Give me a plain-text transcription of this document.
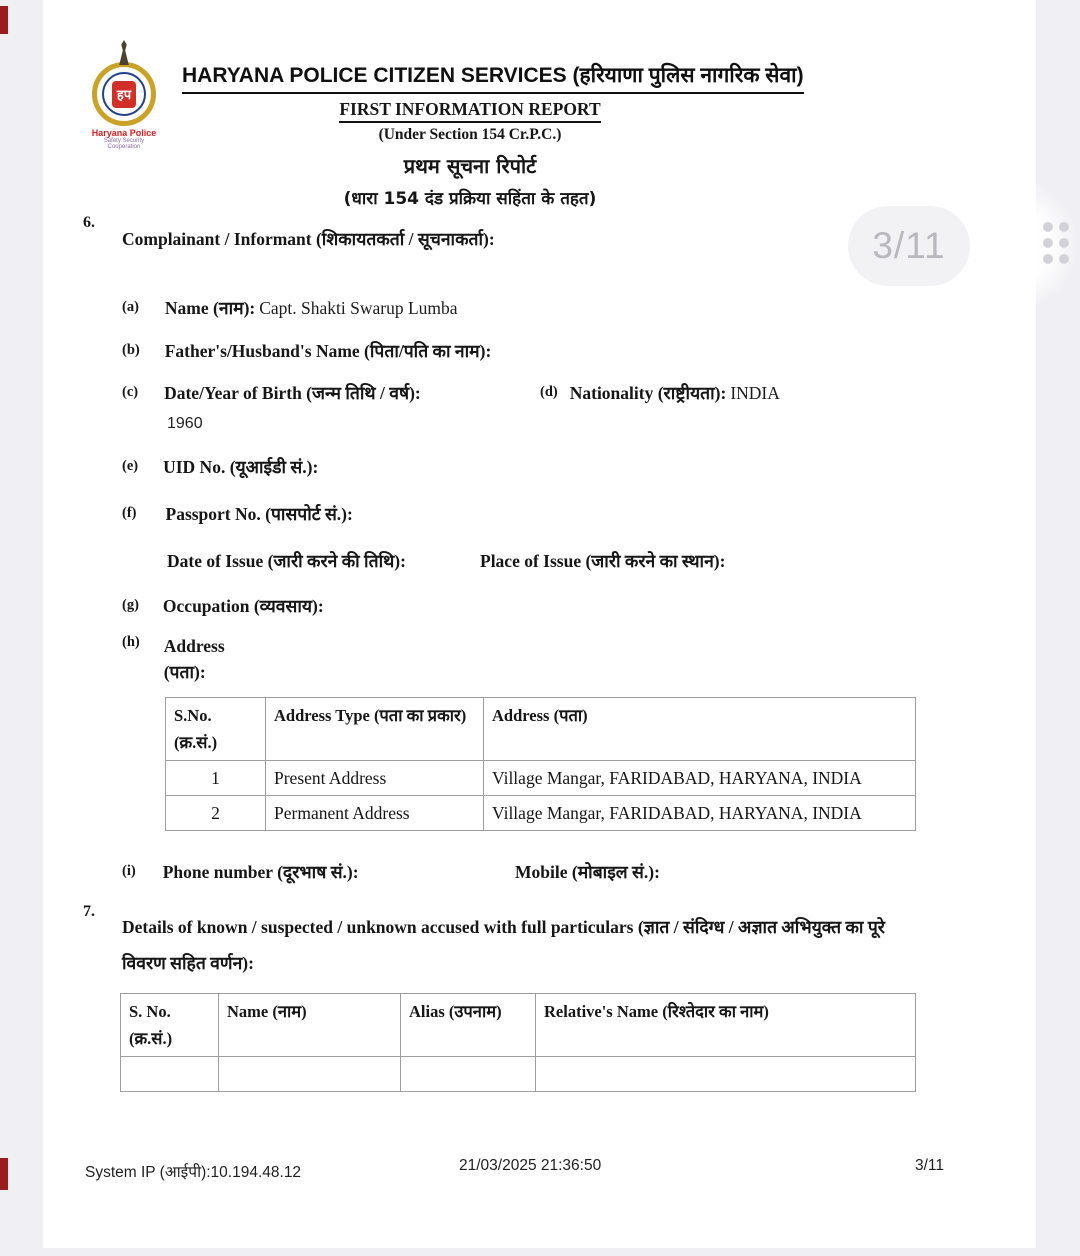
3/11
हप
Haryana Police
Safety Security Cooperation
HARYANA POLICE CITIZEN SERVICES (हरियाणा पुलिस नागरिक सेवा)
FIRST INFORMATION REPORT
(Under Section 154 Cr.P.C.)
प्रथम सूचना रिपोर्ट
(धारा 154 दंड प्रक्रिया सहिंता के तहत)
6.
Complainant / Informant (शिकायतकर्ता / सूचनाकर्ता):
(a) Name (नाम): Capt. Shakti Swarup Lumba
(b) Father's/Husband's Name (पिता/पति का नाम):
(c) Date/Year of Birth (जन्म तिथि / वर्ष):	(d) Nationality (राष्ट्रीयता): INDIA
1960
(e) UID No. (यूआईडी सं.):
(f) Passport No. (पासपोर्ट सं.):
Date of Issue (जारी करने की तिथि):	Place of Issue (जारी करने का स्थान):
(g) Occupation (व्यवसाय):
(h) Address
(पता):
S.No. (क्र.सं.)	Address Type (पता का प्रकार)	Address (पता)
1	Present Address	Village Mangar, FARIDABAD, HARYANA, INDIA
2	Permanent Address	Village Mangar, FARIDABAD, HARYANA, INDIA
(i) Phone number (दूरभाष सं.):	Mobile (मोबाइल सं.):
7.
Details of known / suspected / unknown accused with full particulars (ज्ञात / संदिग्ध / अज्ञात अभियुक्त का पूरे विवरण सहित वर्णन):
S. No. (क्र.सं.)	Name (नाम)	Alias (उपनाम)	Relative's Name (रिश्तेदार का नाम)

System IP (आईपी):10.194.48.12	21/03/2025 21:36:50	3/11
